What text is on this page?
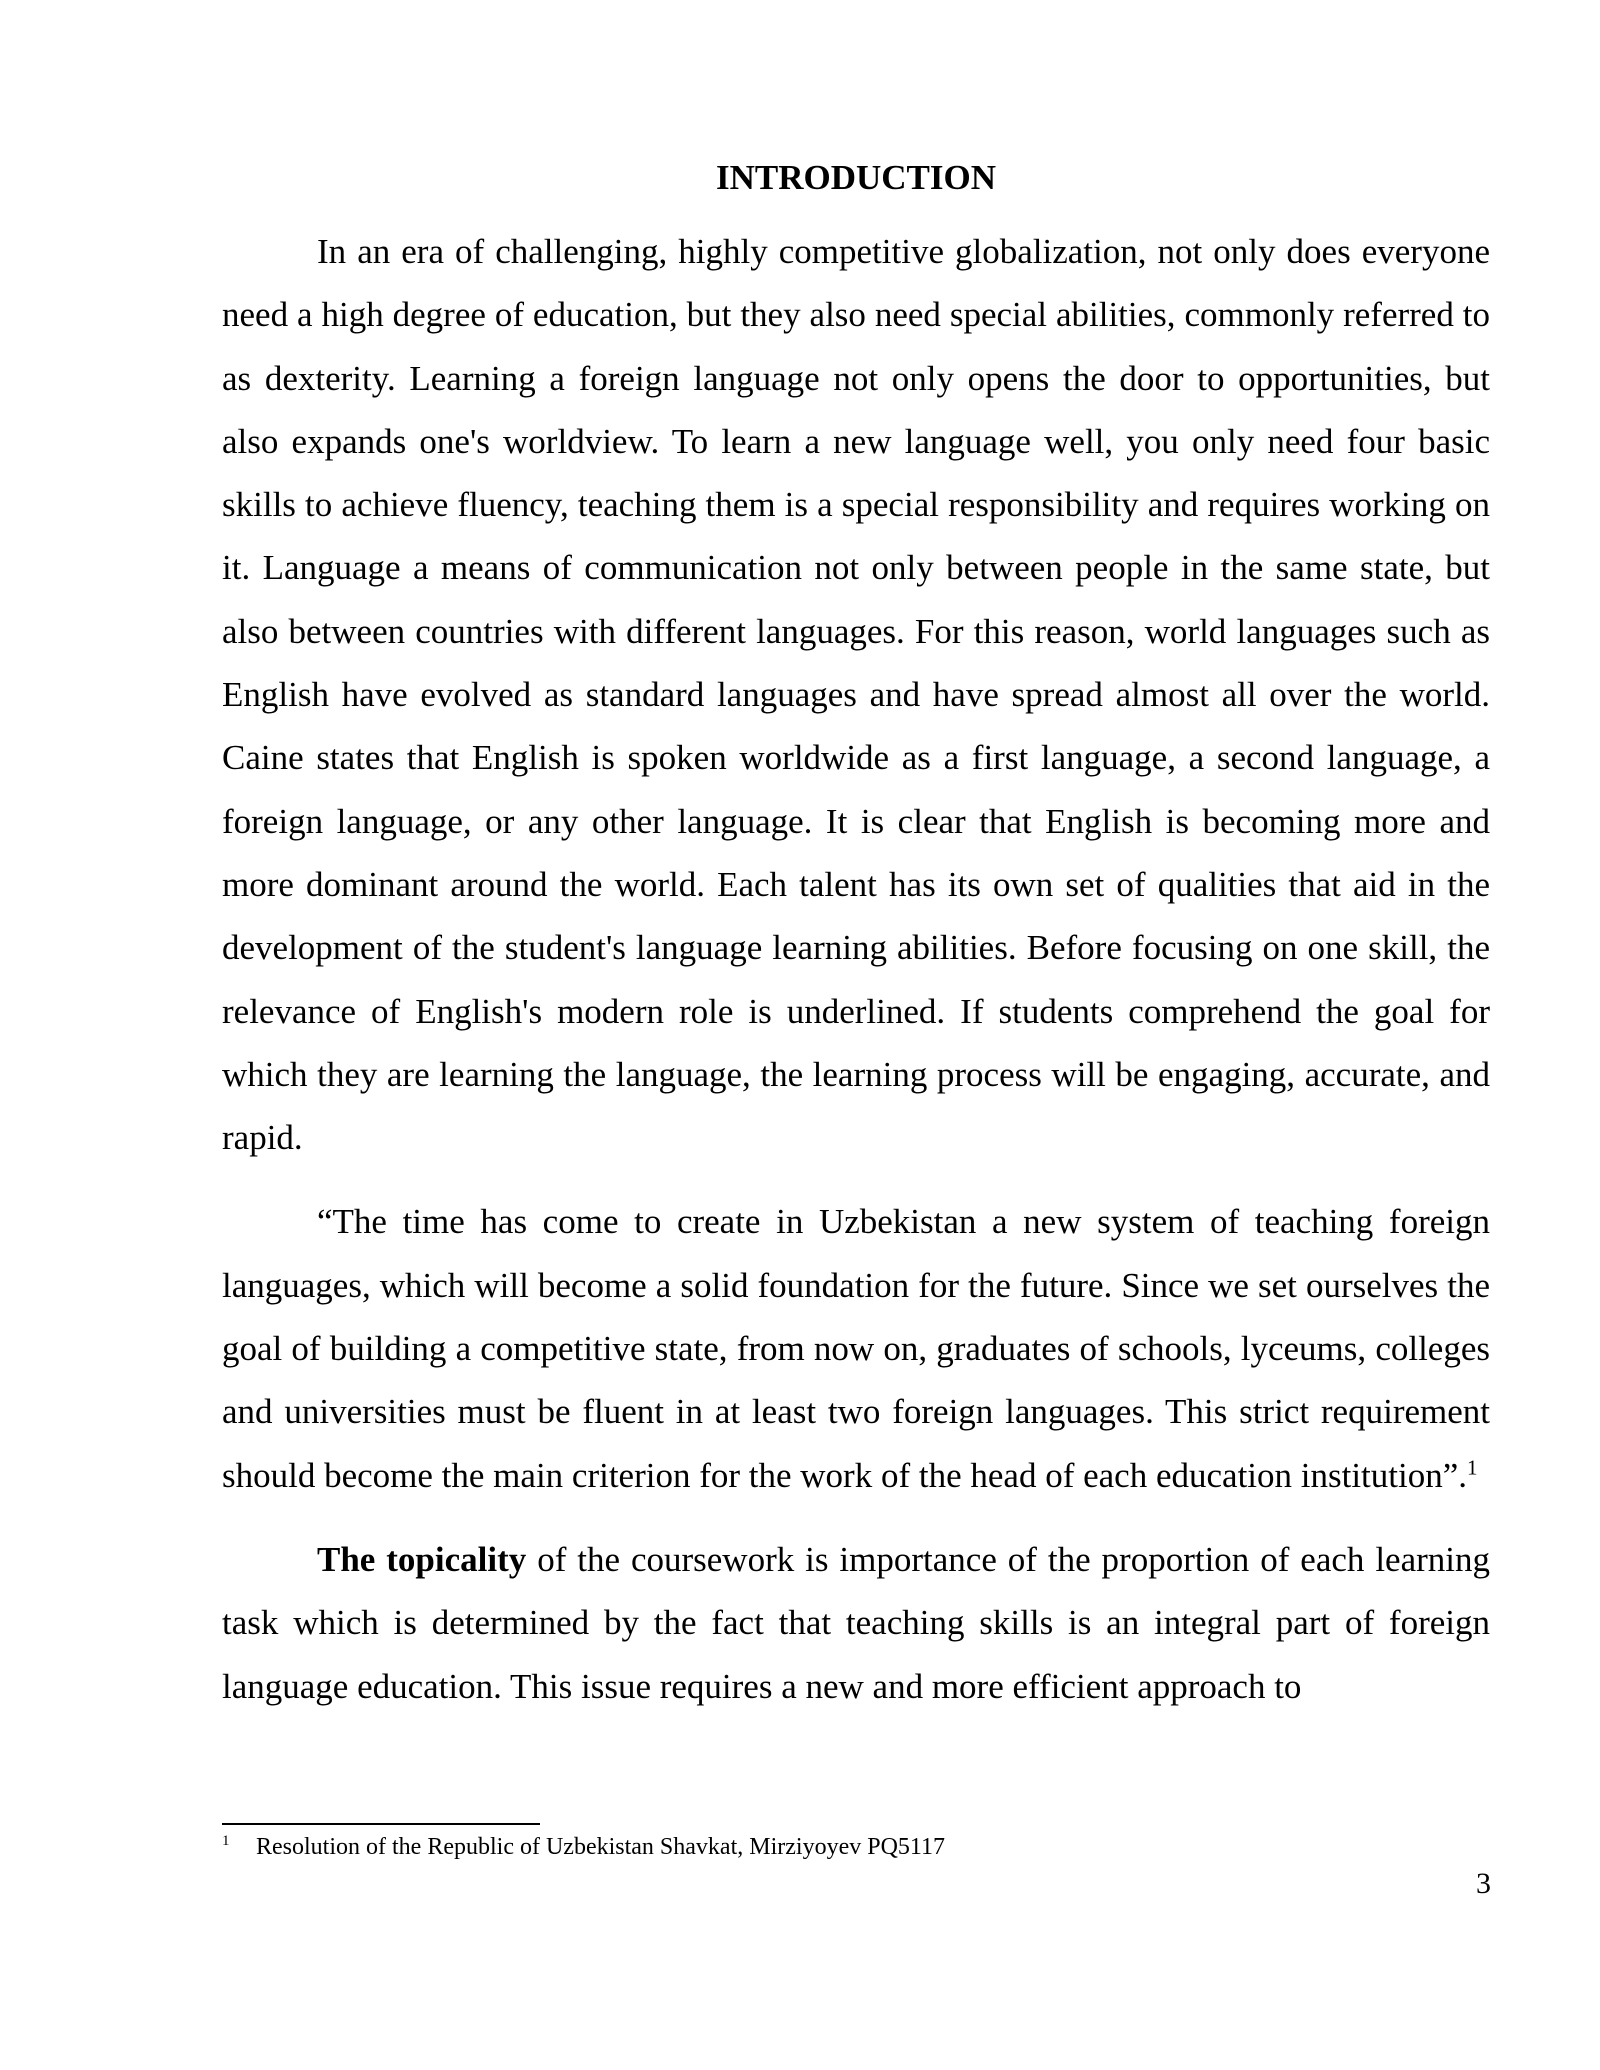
INTRODUCTION

In an era of challenging, highly competitive globalization, not only does everyone need a high degree of education, but they also need special abilities, commonly referred to as dexterity. Learning a foreign language not only opens the door to opportunities, but also expands one's worldview. To learn a new language well, you only need four basic skills to achieve fluency, teaching them is a special responsibility and requires working on it. Language a means of communication not only between people in the same state, but also between countries with different languages. For this reason, world languages such as English have evolved as standard languages and have spread almost all over the world. Caine states that English is spoken worldwide as a first language, a second language, a foreign language, or any other language. It is clear that English is becoming more and more dominant around the world. Each talent has its own set of qualities that aid in the development of the student's language learning abilities. Before focusing on one skill, the relevance of English's modern role is underlined. If students comprehend the goal for which they are learning the language, the learning process will be engaging, accurate, and rapid.

“The time has come to create in Uzbekistan a new system of teaching foreign languages, which will become a solid foundation for the future. Since we set ourselves the goal of building a competitive state, from now on, graduates of schools, lyceums, colleges and universities must be fluent in at least two foreign languages. This strict requirement should become the main criterion for the work of the head of each education institution”.$^1$

The topicality of the coursework is importance of the proportion of each learning task which is determined by the fact that teaching skills is an integral part of foreign language education. This issue requires a new and more efficient approach to

1 Resolution of the Republic of Uzbekistan Shavkat, Mirziyoyev PQ5117
3
